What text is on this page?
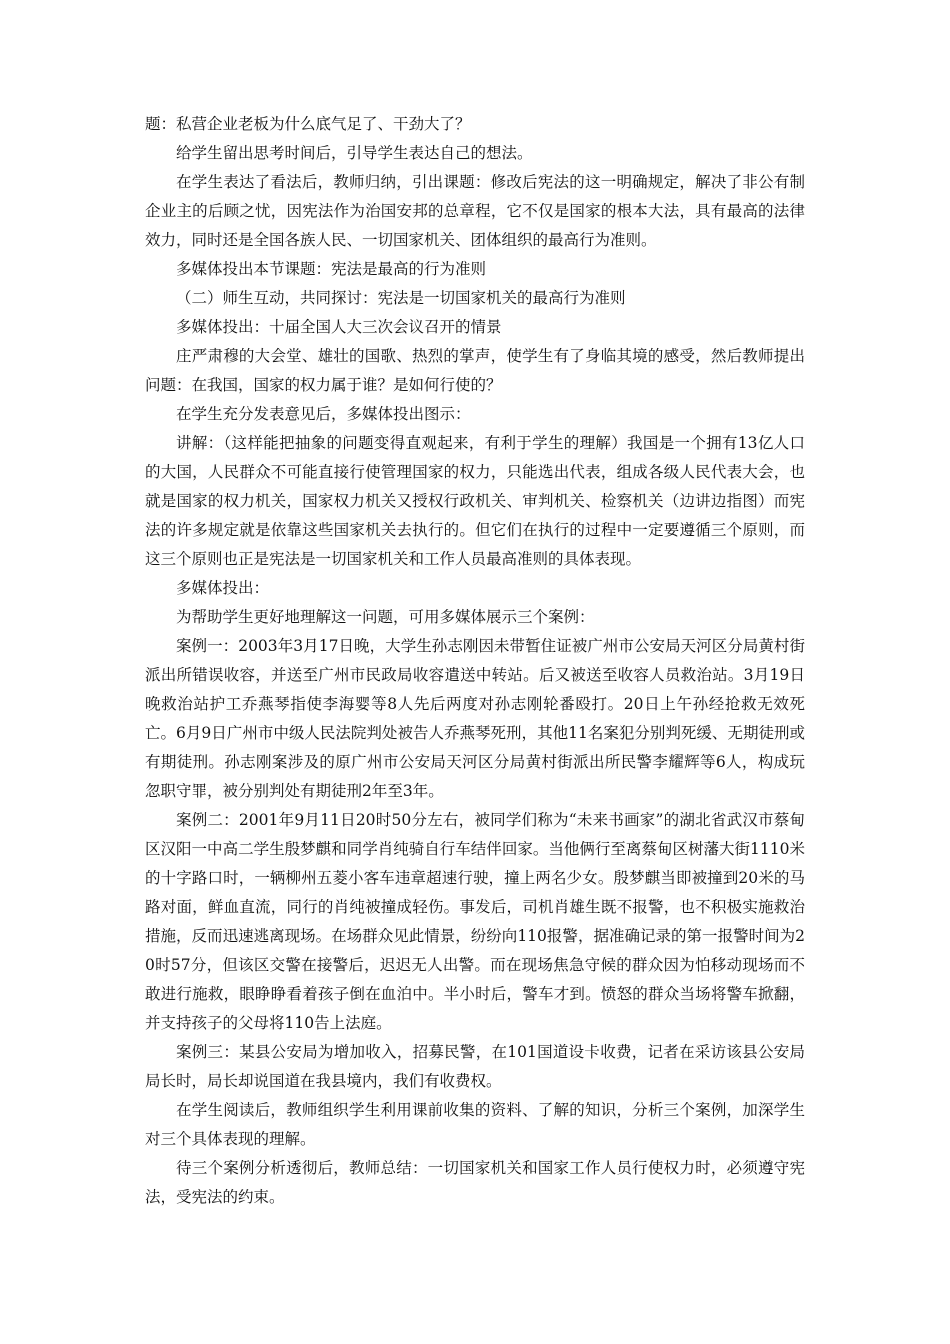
题：私营企业老板为什么底气足了、干劲大了？

给学生留出思考时间后，引导学生表达自己的想法。

在学生表达了看法后，教师归纳，引出课题：修改后宪法的这一明确规定，解决了非公有制企业主的后顾之忧，因宪法作为治国安邦的总章程，它不仅是国家的根本大法，具有最高的法律效力，同时还是全国各族人民、一切国家机关、团体组织的最高行为准则。

多媒体投出本节课题：宪法是最高的行为准则

（二）师生互动，共同探讨：宪法是一切国家机关的最高行为准则

多媒体投出：十届全国人大三次会议召开的情景

庄严肃穆的大会堂、雄壮的国歌、热烈的掌声，使学生有了身临其境的感受，然后教师提出问题：在我国，国家的权力属于谁？是如何行使的？

在学生充分发表意见后，多媒体投出图示：

讲解：（这样能把抽象的问题变得直观起来，有利于学生的理解）我国是一个拥有13亿人口的大国，人民群众不可能直接行使管理国家的权力，只能选出代表，组成各级人民代表大会，也就是国家的权力机关，国家权力机关又授权行政机关、审判机关、检察机关（边讲边指图）而宪法的许多规定就是依靠这些国家机关去执行的。但它们在执行的过程中一定要遵循三个原则，而这三个原则也正是宪法是一切国家机关和工作人员最高准则的具体表现。

多媒体投出：

为帮助学生更好地理解这一问题，可用多媒体展示三个案例：

案例一：2003年3月17日晚，大学生孙志刚因未带暂住证被广州市公安局天河区分局黄村街派出所错误收容，并送至广州市民政局收容遣送中转站。后又被送至收容人员救治站。3月19日晚救治站护工乔燕琴指使李海婴等8人先后两度对孙志刚轮番殴打。20日上午孙经抢救无效死亡。6月9日广州市中级人民法院判处被告人乔燕琴死刑，其他11名案犯分别判死缓、无期徒刑或有期徒刑。孙志刚案涉及的原广州市公安局天河区分局黄村街派出所民警李耀辉等6人，构成玩忽职守罪，被分别判处有期徒刑2年至3年。

案例二：2001年9月11日20时50分左右，被同学们称为“未来书画家”的湖北省武汉市蔡甸区汉阳一中高二学生殷梦麒和同学肖纯骑自行车结伴回家。当他俩行至离蔡甸区树藩大街1110米的十字路口时，一辆柳州五菱小客车违章超速行驶，撞上两名少女。殷梦麒当即被撞到20米的马路对面，鲜血直流，同行的肖纯被撞成轻伤。事发后，司机肖雄生既不报警，也不积极实施救治措施，反而迅速逃离现场。在场群众见此情景，纷纷向110报警，据准确记录的第一报警时间为20时57分，但该区交警在接警后，迟迟无人出警。而在现场焦急守候的群众因为怕移动现场而不敢进行施救，眼睁睁看着孩子倒在血泊中。半小时后，警车才到。愤怒的群众当场将警车掀翻，并支持孩子的父母将110告上法庭。

案例三：某县公安局为增加收入，招募民警，在101国道设卡收费，记者在采访该县公安局局长时，局长却说国道在我县境内，我们有收费权。

在学生阅读后，教师组织学生利用课前收集的资料、了解的知识，分析三个案例，加深学生对三个具体表现的理解。

待三个案例分析透彻后，教师总结：一切国家机关和国家工作人员行使权力时，必须遵守宪法，受宪法的约束。
